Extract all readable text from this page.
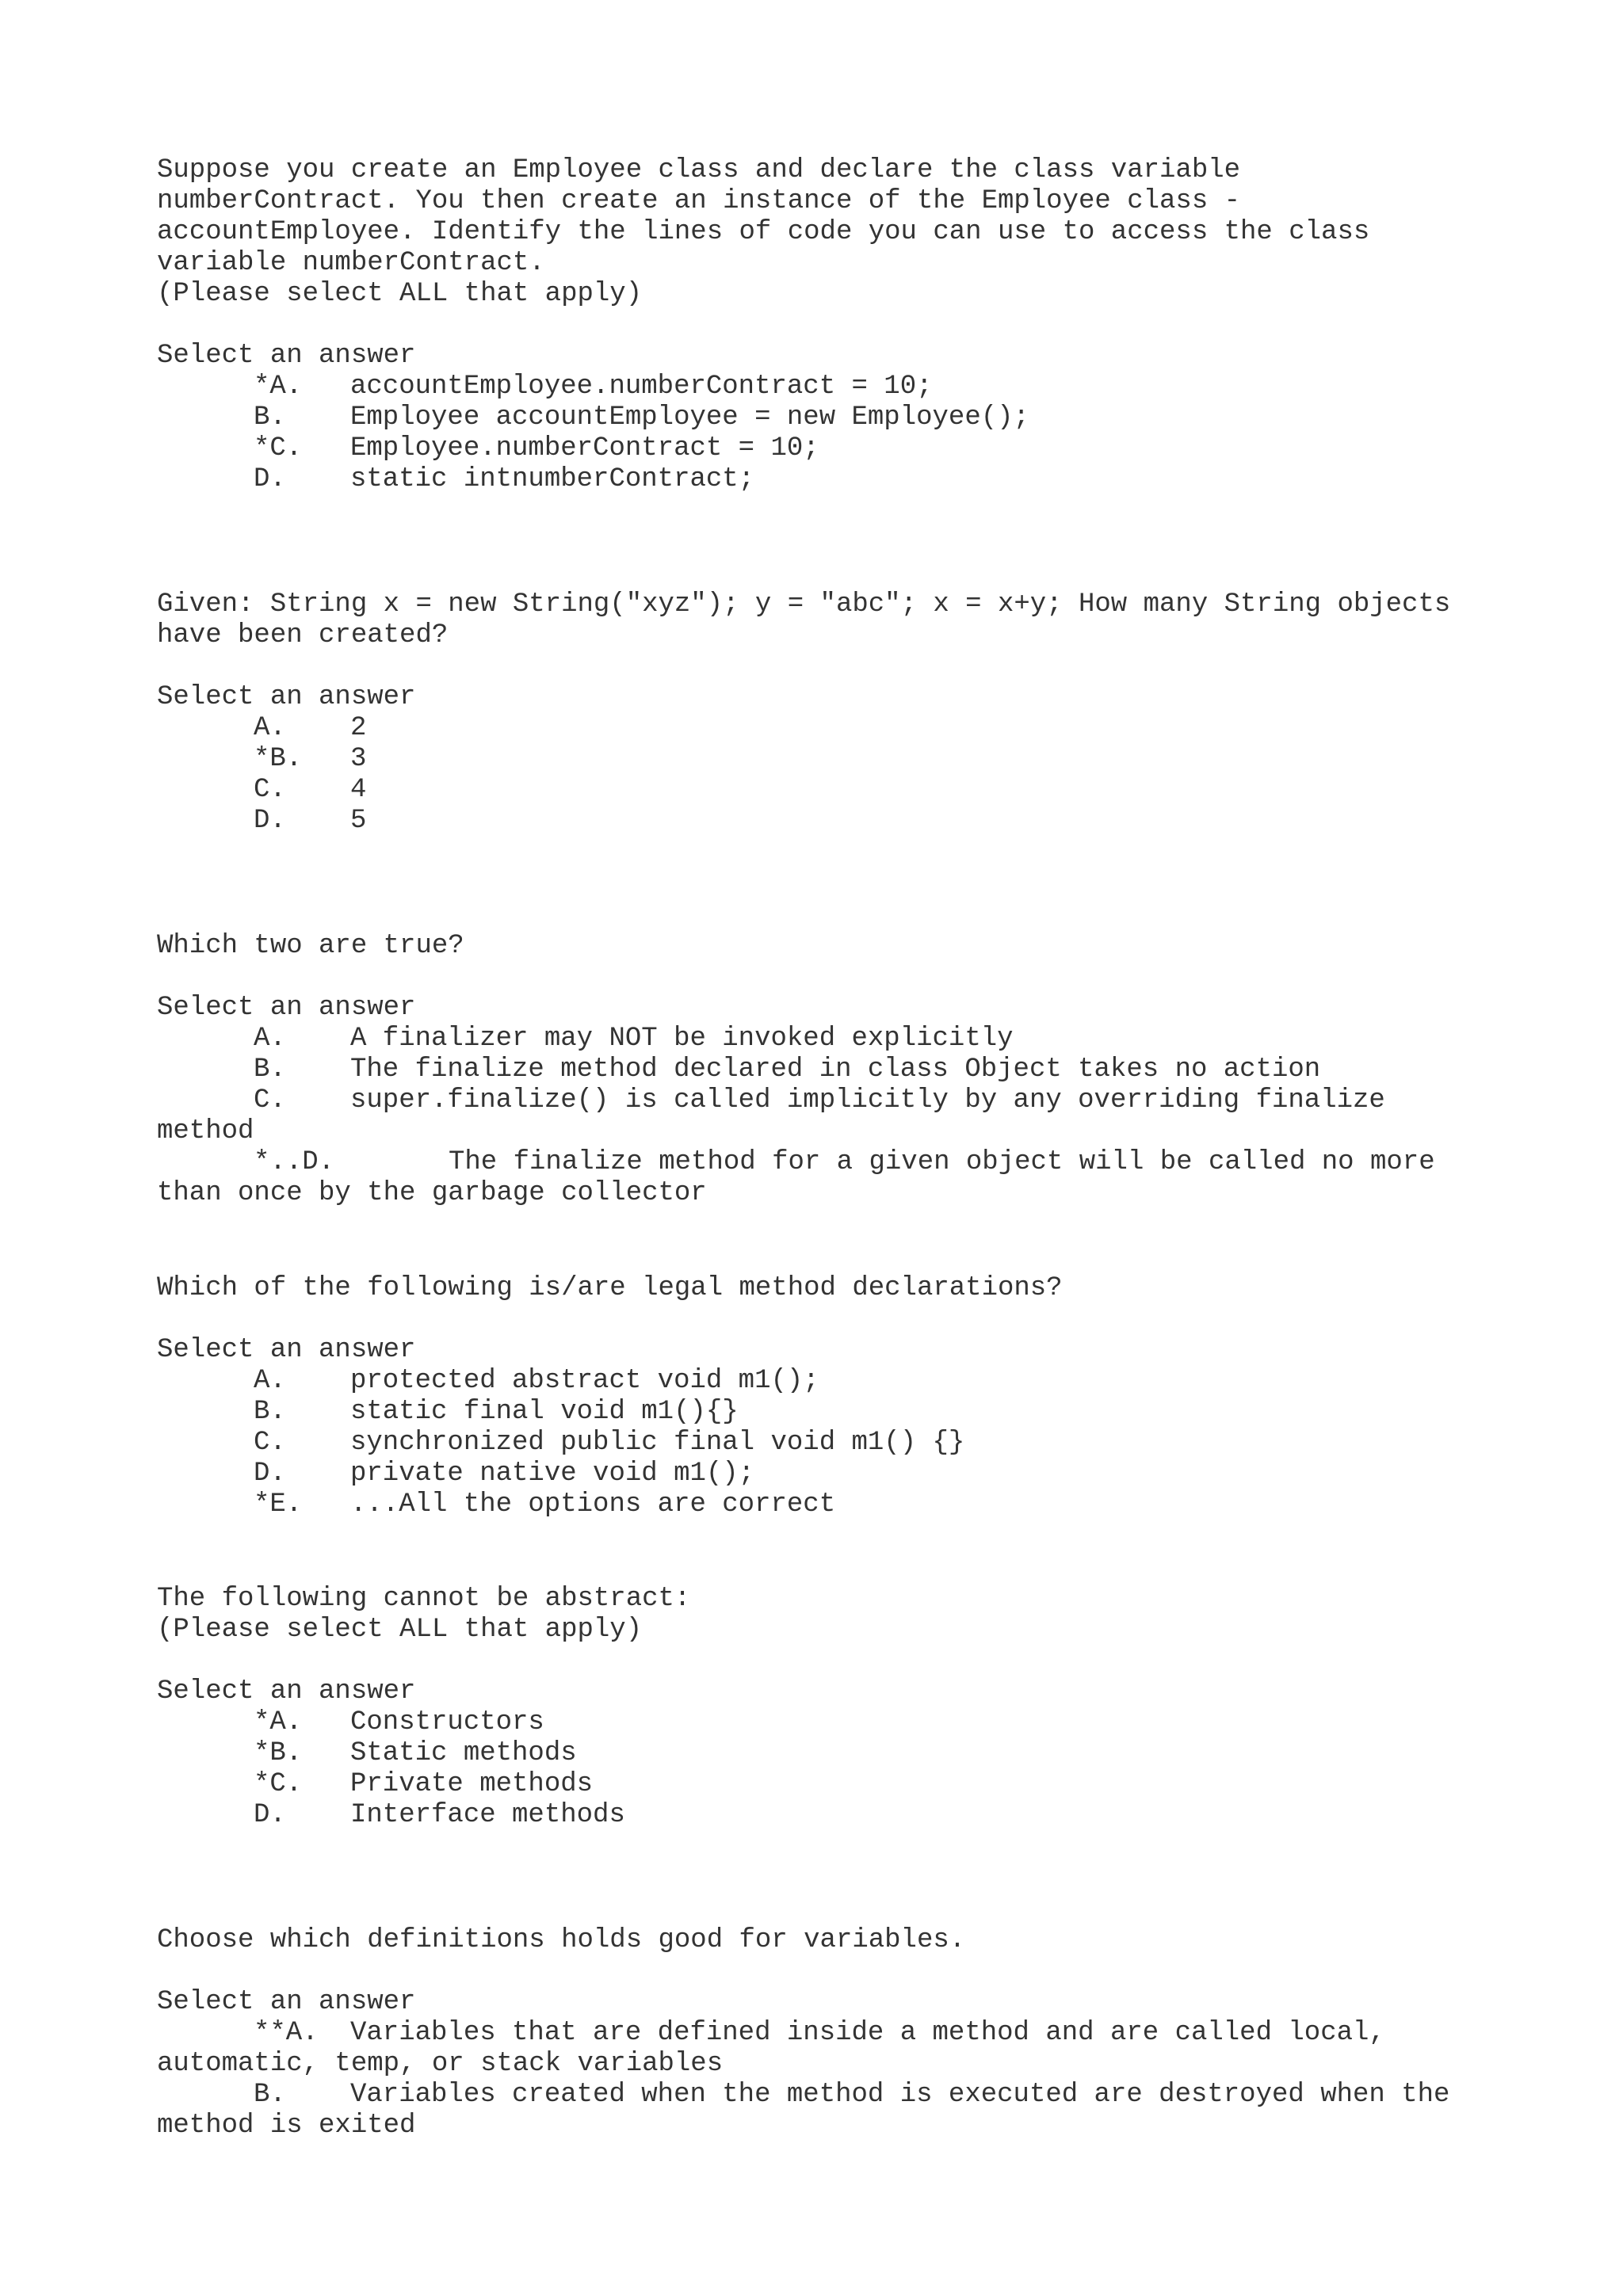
Suppose you create an Employee class and declare the class variable
numberContract. You then create an instance of the Employee class -
accountEmployee. Identify the lines of code you can use to access the class
variable numberContract.
(Please select ALL that apply)
Select an answer
*A. accountEmployee.numberContract = 10;
B. Employee accountEmployee = new Employee();
*C. Employee.numberContract = 10;
D. static intnumberContract;
Given: String x = new String("xyz"); y = "abc"; x = x+y; How many String objects
have been created?
Select an answer
A. 2
*B. 3
C. 4
D. 5
Which two are true?
Select an answer
A. A finalizer may NOT be invoked explicitly
B. The finalize method declared in class Object takes no action
C. super.finalize() is called implicitly by any overriding finalize
method
*..D.	The finalize method for a given object will be called no more
than once by the garbage collector
Which of the following is/are legal method declarations?
Select an answer
A. protected abstract void m1();
B. static final void m1(){}
C. synchronized public final void m1() {}
D. private native void m1();
*E. ...All the options are correct
The following cannot be abstract:
(Please select ALL that apply)
Select an answer
*A. Constructors
*B. Static methods
*C. Private methods
D. Interface methods
Choose which definitions holds good for variables.
Select an answer
**A. Variables that are defined inside a method and are called local,
automatic, temp, or stack variables
B. Variables created when the method is executed are destroyed when the
method is exited
